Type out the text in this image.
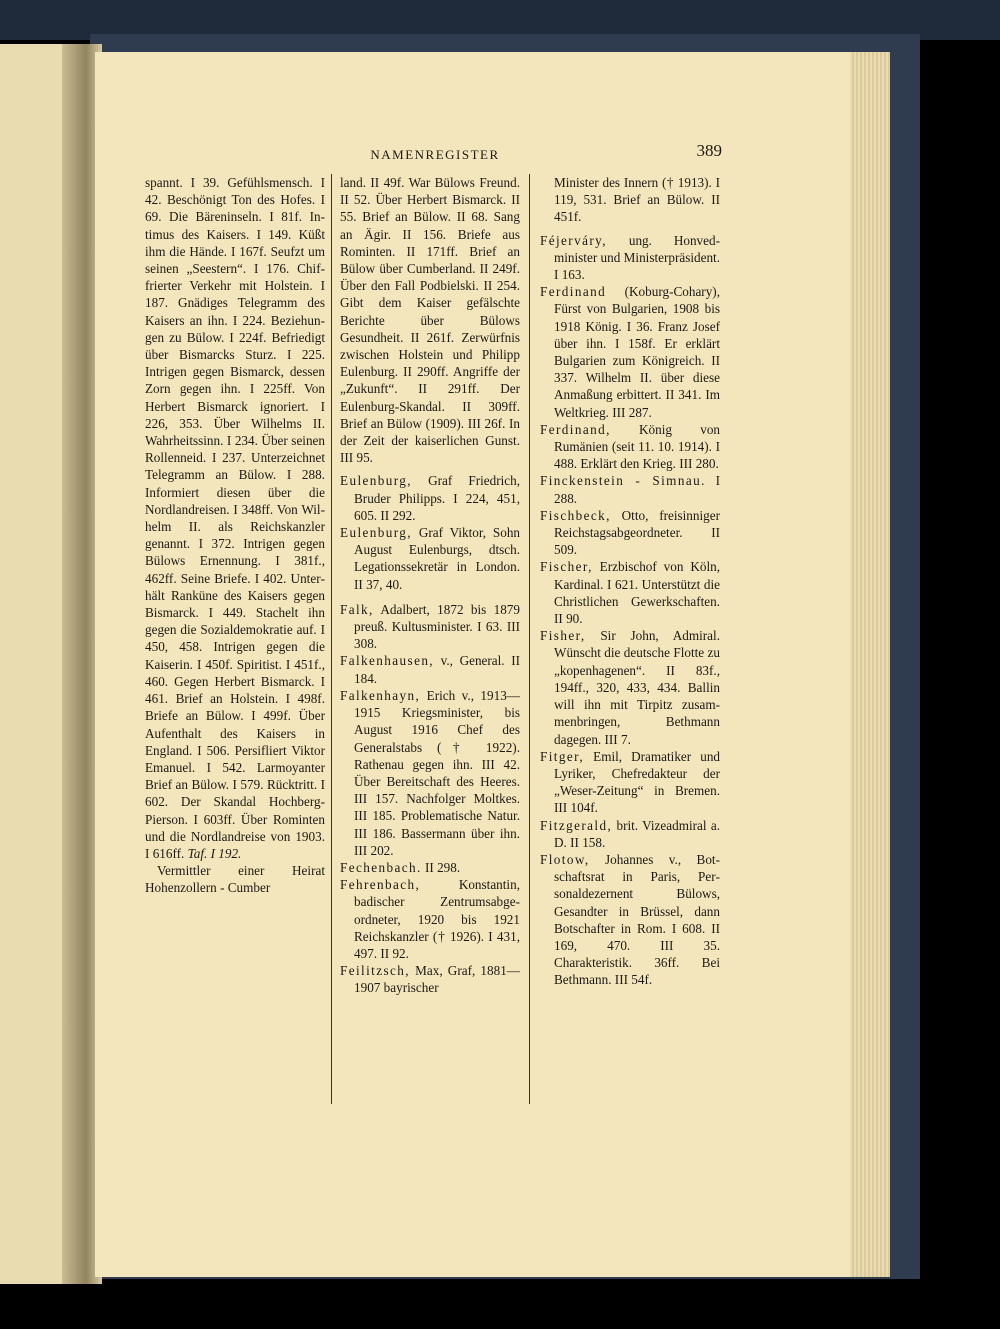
NAMENREGISTER	389

spannt. I 39. Gefühlsmensch. I 42. Beschönigt Ton des Hofes. I 69. Die Bäreninseln. I 81f. Intimus des Kaisers. I 149. Küßt ihm die Hände. I 167f. Seufzt um seinen „Seestern“. I 176. Chiffrierter Verkehr mit Holstein. I 187. Gnädiges Telegramm des Kaisers an ihn. I 224. Beziehungen zu Bülow. I 224f. Befriedigt über Bismarcks Sturz. I 225. Intrigen gegen Bismarck, dessen Zorn gegen ihn. I 225ff. Von Herbert Bismarck ignoriert. I 226, 353. Über Wilhelms II. Wahrheitssinn. I 234. Über seinen Rollenneid. I 237. Unterzeichnet Telegramm an Bülow. I 288. Informiert diesen über die Nordlandreisen. I 348ff. Von Wilhelm II. als Reichskanzler genannt. I 372. Intrigen gegen Bülows Ernennung. I 381f., 462ff. Seine Briefe. I 402. Unterhält Ranküne des Kaisers gegen Bismarck. I 449. Stachelt ihn gegen die Sozialdemokratie auf. I 450, 458. Intrigen gegen die Kaiserin. I 450f. Spiritist. I 451f., 460. Gegen Herbert Bismarck. I 461. Brief an Holstein. I 498f. Briefe an Bülow. I 499f. Über Aufenthalt des Kaisers in England. I 506. Persifliert Viktor Emanuel. I 542. Larmoyanter Brief an Bülow. I 579. Rücktritt. I 602. Der Skandal Hochberg-Pierson. I 603ff. Über Rominten und die Nordlandreise von 1903. I 616ff. Taf. I 192.

Vermittler einer Heirat Hohenzollern - Cumber

land. II 49f. War Bülows Freund. II 52. Über Herbert Bismarck. II 55. Brief an Bülow. II 68. Sang an Ägir. II 156. Briefe aus Rominten. II 171ff. Brief an Bülow über Cumberland. II 249f. Über den Fall Podbielski. II 254. Gibt dem Kaiser gefälschte Berichte über Bülows Gesundheit. II 261f. Zerwürfnis zwischen Holstein und Philipp Eulenburg. II 290ff. Angriffe der „Zukunft“. II 291ff. Der Eulenburg-Skandal. II 309ff. Brief an Bülow (1909). III 26f. In der Zeit der kaiserlichen Gunst. III 95.

Eulenburg, Graf Friedrich, Bruder Philipps. I 224, 451, 605. II 292.

Eulenburg, Graf Viktor, Sohn August Eulenburgs, dtsch. Legationssekretär in London. II 37, 40.

Falk, Adalbert, 1872 bis 1879 preuß. Kultusminister. I 63. III 308.

Falkenhausen, v., General. II 184.

Falkenhayn, Erich v., 1913—1915 Kriegsminister, bis August 1916 Chef des Generalstabs († 1922). Rathenau gegen ihn. III 42. Über Bereitschaft des Heeres. III 157. Nachfolger Moltkes. III 185. Problematische Natur. III 186. Bassermann über ihn. III 202.

Fechenbach. II 298.

Fehrenbach,	Konstantin, badischer Zentrumsabgeordneter, 1920 bis 1921 Reichskanzler († 1926). I 431, 497. II 92.

Feilitzsch, Max, Graf, 1881—1907 bayrischer

Minister des Innern († 1913). I 119, 531. Brief an Bülow. II 451f.

Féjerváry, ung. Honvedminister und Ministerpräsident. I 163.

Ferdinand (Koburg-Cohary), Fürst von Bulgarien, 1908 bis 1918 König. I 36. Franz Josef über ihn. I 158f. Er erklärt Bulgarien zum Königreich. II 337. Wilhelm II. über diese Anmaßung erbittert. II 341. Im Weltkrieg. III 287.

Ferdinand, König von Rumänien (seit 11. 10. 1914). I 488. Erklärt den Krieg. III 280.

Finckenstein - Simnau. I 288.

Fischbeck, Otto, freisinniger Reichstagsabgeordneter. II 509.

Fischer, Erzbischof von Köln, Kardinal. I 621. Unterstützt die Christlichen Gewerkschaften. II 90.

Fisher, Sir John, Admiral. Wünscht die deutsche Flotte zu „kopenhagenen“. II 83f., 194ff., 320, 433, 434. Ballin will ihn mit Tirpitz zusammenbringen, Bethmann dagegen. III 7.

Fitger, Emil, Dramatiker und Lyriker, Chefredakteur der „Weser-Zeitung“ in Bremen. III 104f.

Fitzgerald, brit. Vizeadmiral a. D. II 158.

Flotow, Johannes v., Botschaftsrat in Paris, Personaldezernent Bülows, Gesandter in Brüssel, dann Botschafter in Rom. I 608. II 169, 470. III 35. Charakteristik. 36ff. Bei Bethmann. III 54f.
